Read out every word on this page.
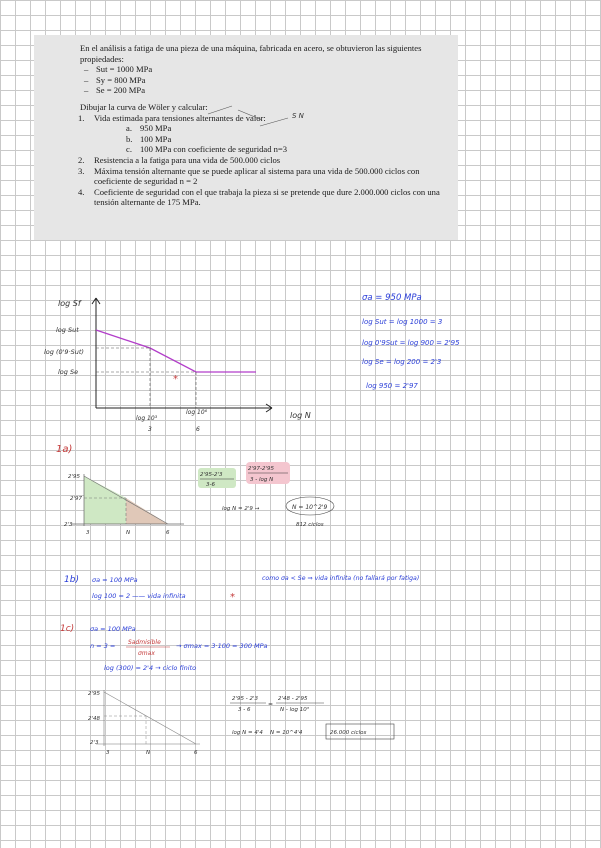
En el análisis a fatiga de una pieza de una máquina, fabricada en acero, se obtuvieron las siguientes propiedades:

– Sut = 1000 MPa
– Sy = 800 MPa
– Se = 200 MPa

Dibujar la curva de Wöler y calcular:

1. Vida estimada para tensiones alternantes de valor:
a. 950 MPa
b. 100 MPa
c. 100 MPa con coeficiente de seguridad n=3
2. Resistencia a la fatiga para una vida de 500.000 ciclos
3. Máxima tensión alternante que se puede aplicar al sistema para una vida de 500.000 ciclos con coeficiente de seguridad n = 2
4. Coeficiente de seguridad con el que trabaja la pieza si se pretende que dure 2.000.000 ciclos con una tensión alternante de 175 MPa.
S N
log Sf
log N
log Sut
log (0'9·Sut)
log Se
*
log 10³
log 10⁶
3	6
σa = 950 MPa
log Sut = log 1000 = 3
log 0'9Sut = log 900 = 2'95
log Se = log 200 = 2'3
log 950 = 2'97
1a)
2'95
2'97
2'3
3	N	6
2'95-2'3
3-6
2'97-2'95
3 - log N
log N = 2'9 →	N = 10^2'9
812 ciclos
1b) σa = 100 MPa
log 100 = 2 —— vida infinita	*
como σa < Se ⇒ vida infinita (no fallará por fatiga)
1c) σa = 100 MPa
n = 3 = Sadmisible
σmax
→ σmax = 3·100 = 300 MPa
log (300) = 2'4 → ciclo finito
2'95
2'48
2'3
3	N	6
2'95 - 2'3
3 - 6
=
2'48 - 2'95
N - log 10³
log N = 4'4 N = 10^4'4	26.000 ciclos
